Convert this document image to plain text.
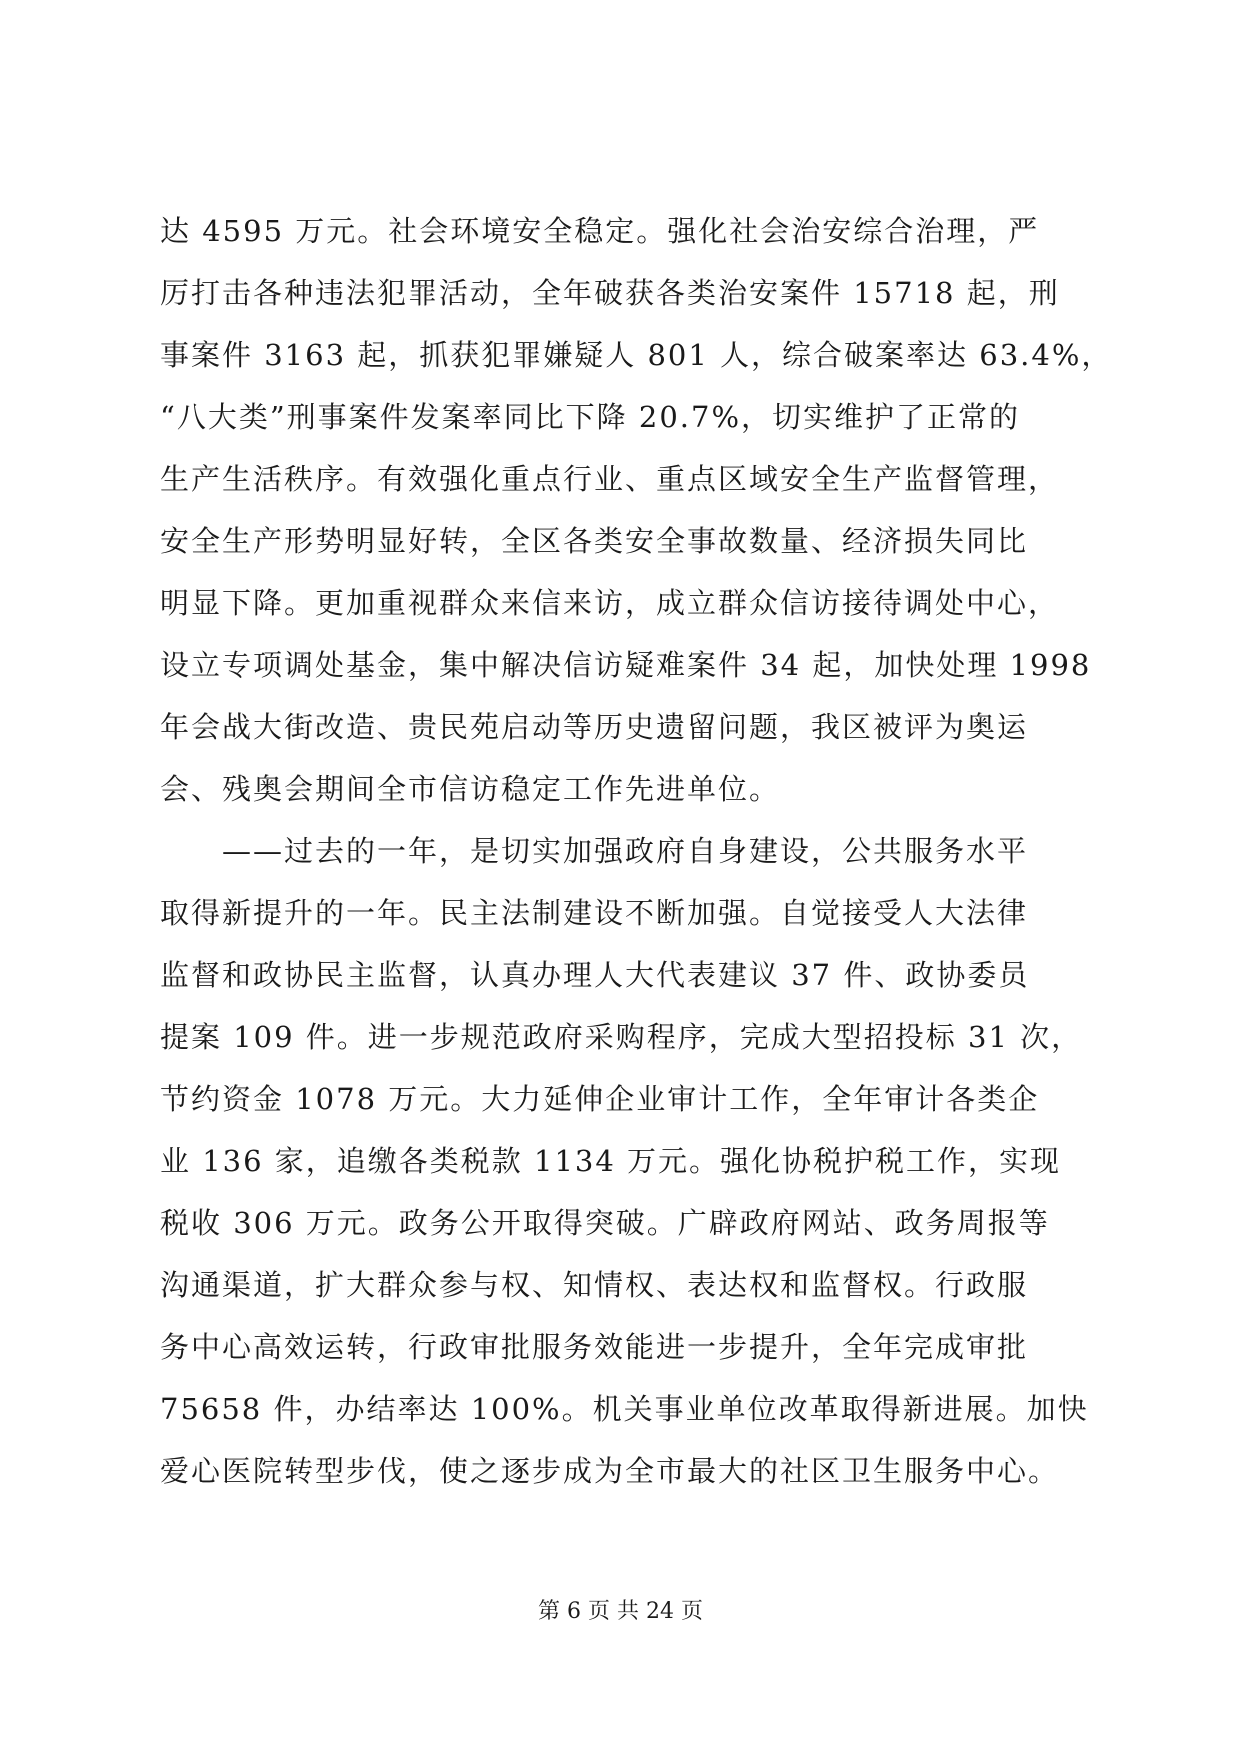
达 4595 万元。社会环境安全稳定。强化社会治安综合治理，严
厉打击各种违法犯罪活动，全年破获各类治安案件 15718 起，刑
事案件 3163 起，抓获犯罪嫌疑人 801 人，综合破案率达 63.4%，
“八大类”刑事案件发案率同比下降 20.7%，切实维护了正常的
生产生活秩序。有效强化重点行业、重点区域安全生产监督管理，
安全生产形势明显好转，全区各类安全事故数量、经济损失同比
明显下降。更加重视群众来信来访，成立群众信访接待调处中心，
设立专项调处基金，集中解决信访疑难案件 34 起，加快处理 1998
年会战大街改造、贵民苑启动等历史遗留问题，我区被评为奥运
会、残奥会期间全市信访稳定工作先进单位。
　　——过去的一年，是切实加强政府自身建设，公共服务水平
取得新提升的一年。民主法制建设不断加强。自觉接受人大法律
监督和政协民主监督，认真办理人大代表建议 37 件、政协委员
提案 109 件。进一步规范政府采购程序，完成大型招投标 31 次，
节约资金 1078 万元。大力延伸企业审计工作，全年审计各类企
业 136 家，追缴各类税款 1134 万元。强化协税护税工作，实现
税收 306 万元。政务公开取得突破。广辟政府网站、政务周报等
沟通渠道，扩大群众参与权、知情权、表达权和监督权。行政服
务中心高效运转，行政审批服务效能进一步提升，全年完成审批
75658 件，办结率达 100%。机关事业单位改革取得新进展。加快
爱心医院转型步伐，使之逐步成为全市最大的社区卫生服务中心。
第 6 页 共 24 页
